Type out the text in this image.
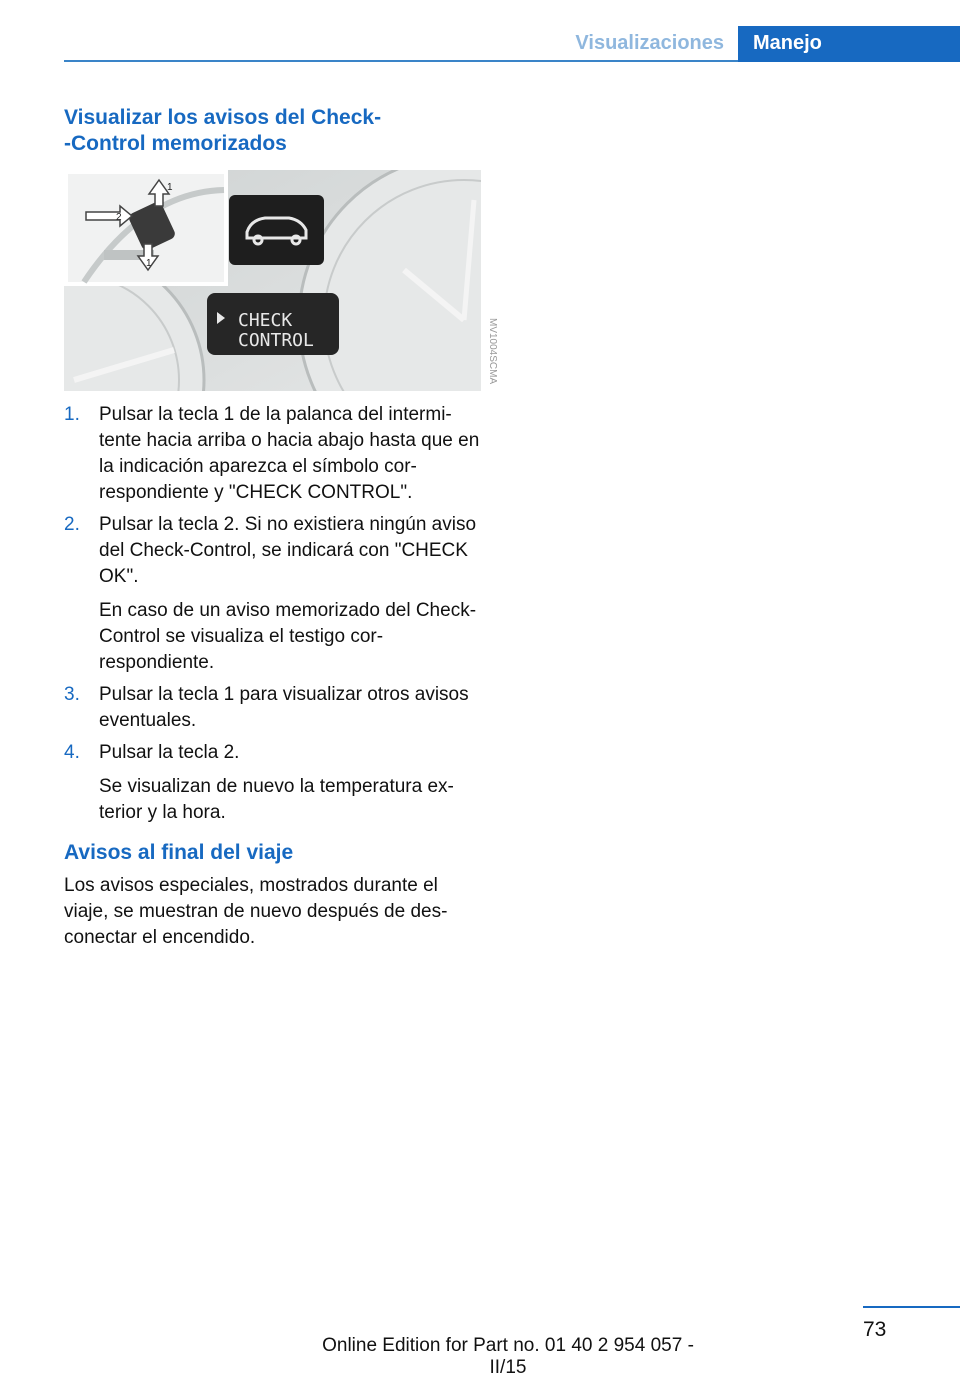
Visualizaciones	Manejo
Visualizar los avisos del Check‐
‐Control memorizados
CHECK
CONTROL
1
2
1
MV1004SCMA
1. Pulsar la tecla 1 de la palanca del intermi‐tente hacia arriba o hacia abajo hasta que en la indicación aparezca el símbolo cor‐respondiente y "CHECK CONTROL".

2. Pulsar la tecla 2. Si no existiera ningún aviso del Check-Control, se indicará con "CHECK OK".

En caso de un aviso memorizado del Check-Control se visualiza el testigo cor‐respondiente.

3. Pulsar la tecla 1 para visualizar otros avisos eventuales.

4. Pulsar la tecla 2.

Se visualizan de nuevo la temperatura ex‐terior y la hora.

Avisos al final del viaje

Los avisos especiales, mostrados durante el viaje, se muestran de nuevo después de des‐conectar el encendido.

73
Online Edition for Part no. 01 40 2 954 057 - II/15
